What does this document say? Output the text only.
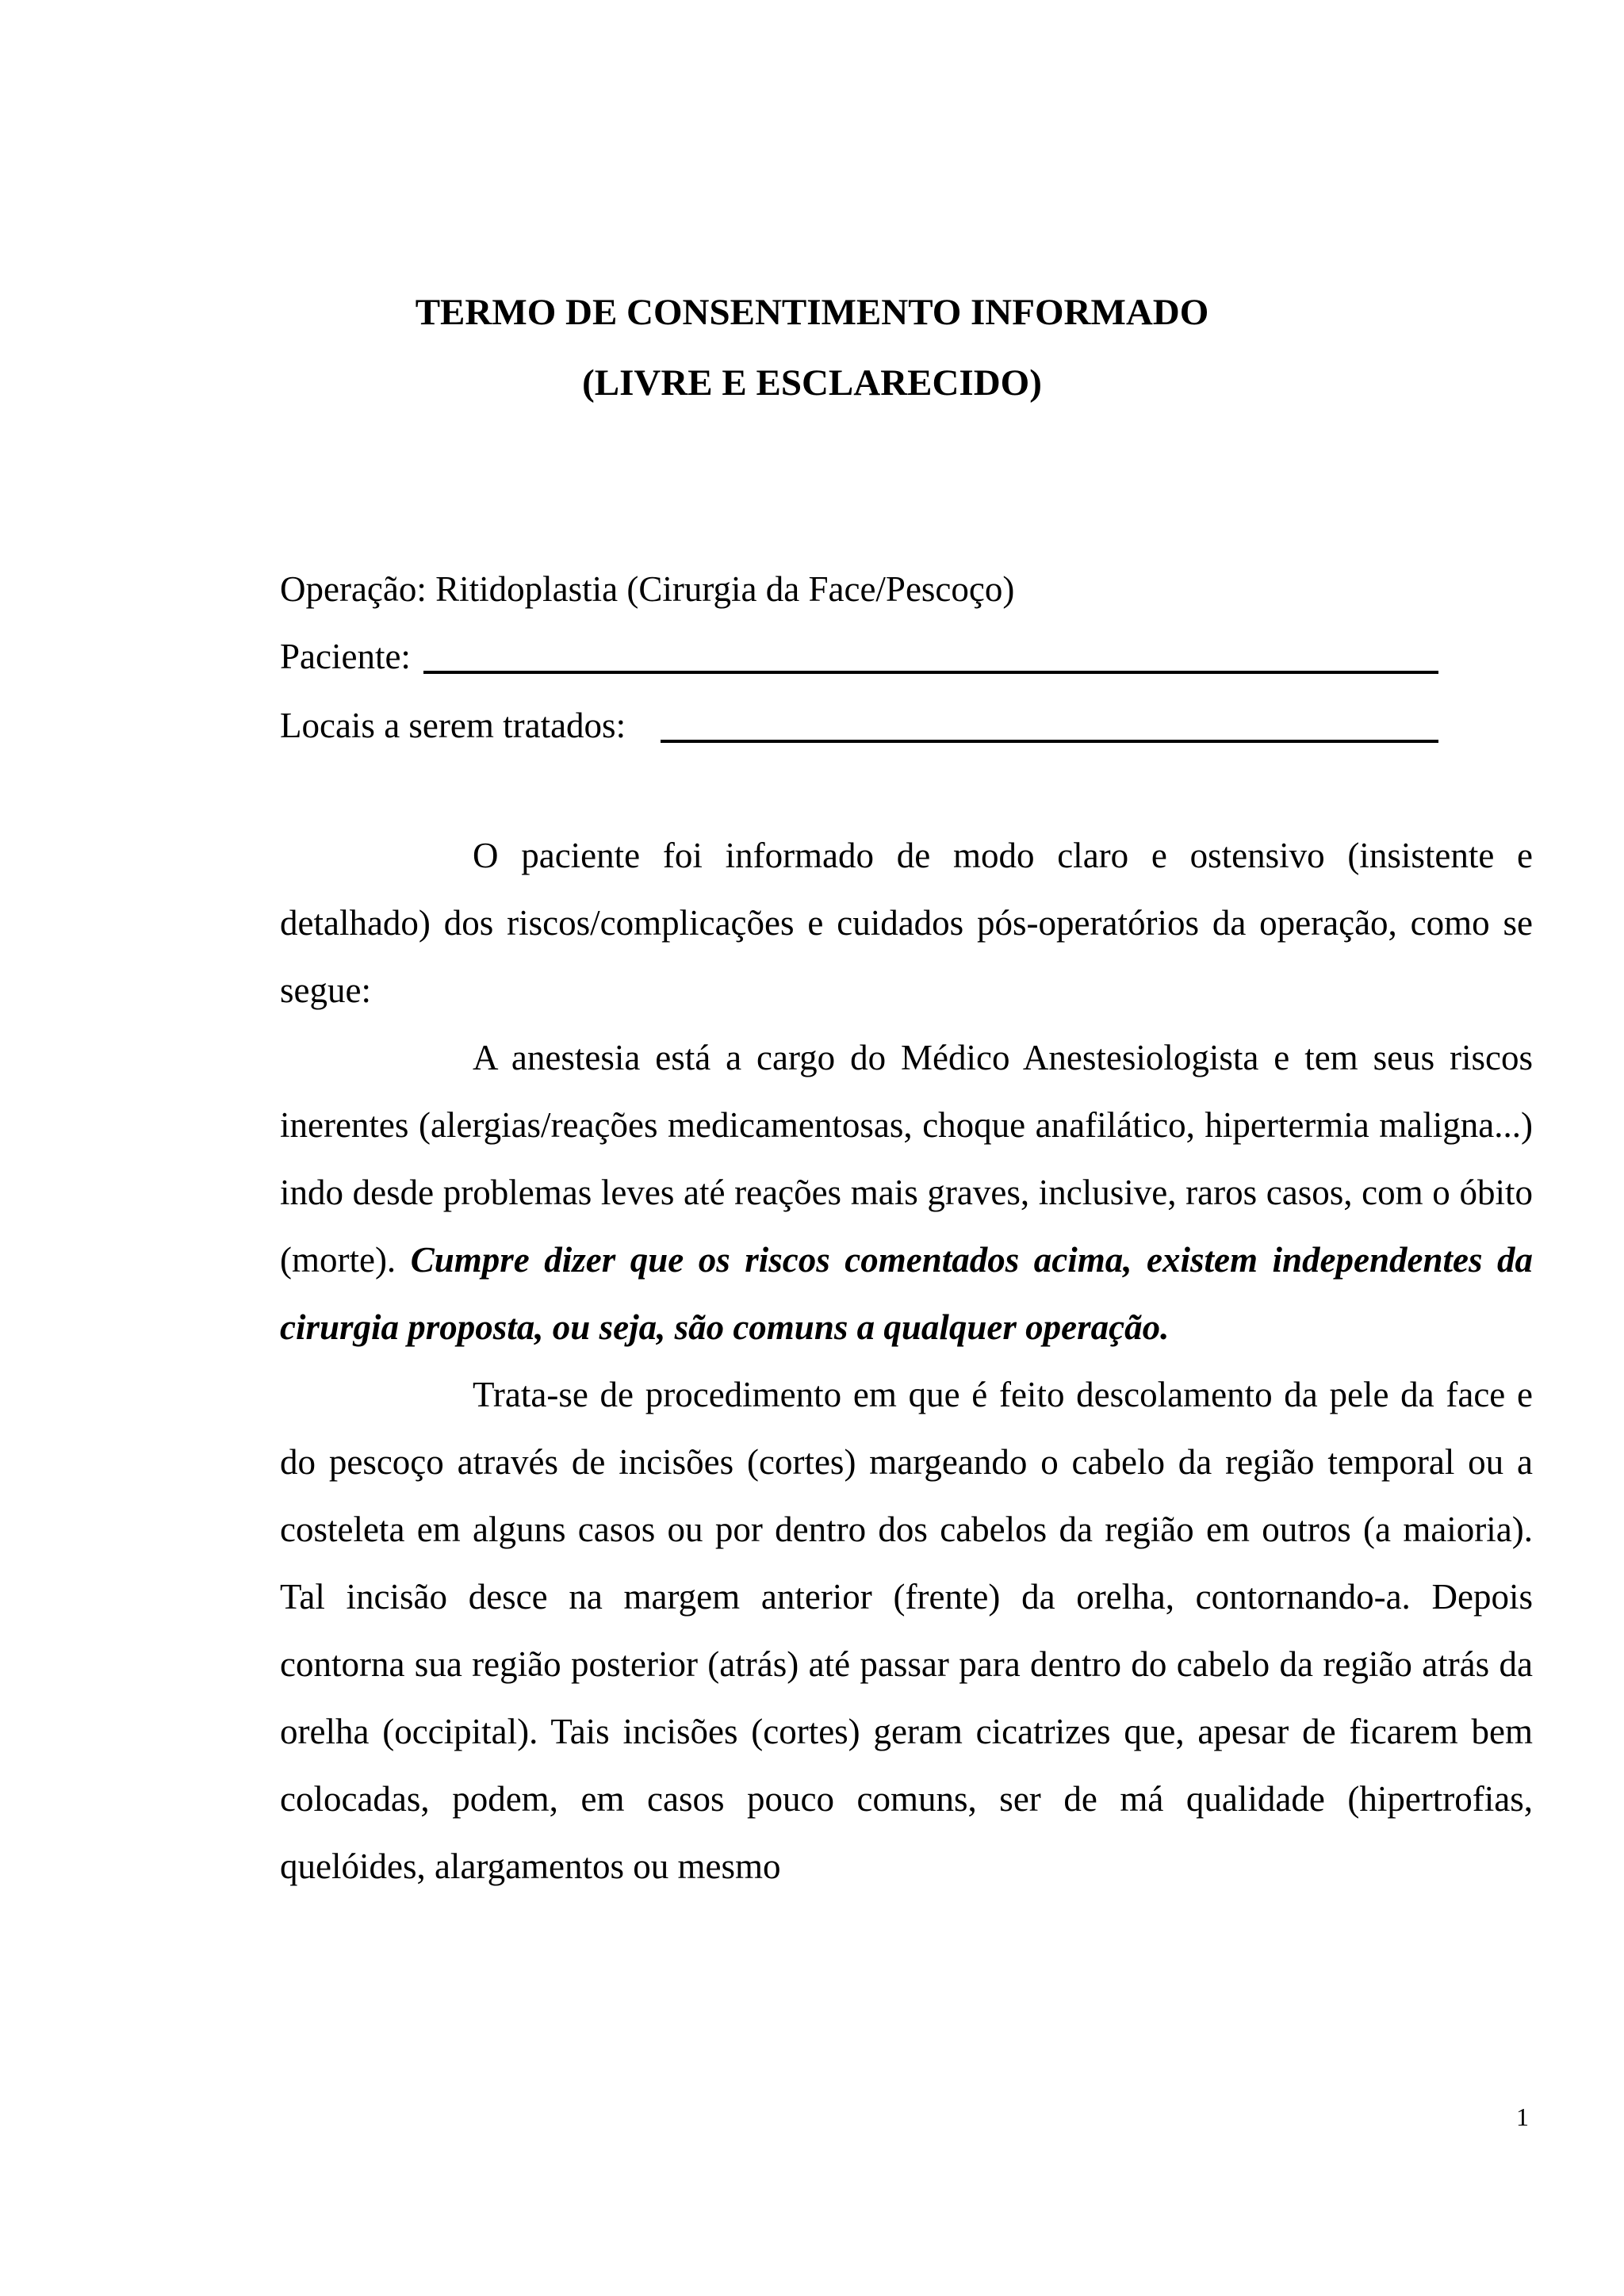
TERMO DE CONSENTIMENTO INFORMADO
(LIVRE E ESCLARECIDO)
Operação: Ritidoplastia (Cirurgia da Face/Pescoço)
Paciente:
Locais a serem tratados:

O paciente foi informado de modo claro e ostensivo (insistente e detalhado) dos riscos/complicações e cuidados pós-operatórios da operação, como se segue:

A anestesia está a cargo do Médico Anestesiologista e tem seus riscos inerentes (alergias/reações medicamentosas, choque anafilático, hipertermia maligna...) indo desde problemas leves até reações mais graves, inclusive, raros casos, com o óbito (morte). Cumpre dizer que os riscos comentados acima, existem independentes da cirurgia proposta, ou seja, são comuns a qualquer operação.

Trata-se de procedimento em que é feito descolamento da pele da face e do pescoço através de incisões (cortes) margeando o cabelo da região temporal ou a costeleta em alguns casos ou por dentro dos cabelos da região em outros (a maioria). Tal incisão desce na margem anterior (frente) da orelha, contornando-a. Depois contorna sua região posterior (atrás) até passar para dentro do cabelo da região atrás da orelha (occipital). Tais incisões (cortes) geram cicatrizes que, apesar de ficarem bem colocadas, podem, em casos pouco comuns, ser de má qualidade (hipertrofias, quelóides, alargamentos ou mesmo

1
